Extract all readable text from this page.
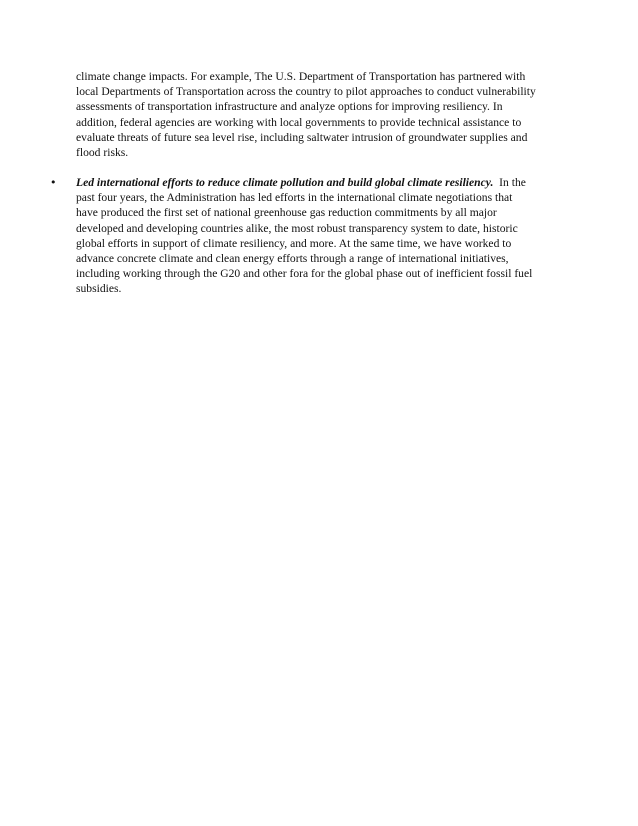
climate change impacts. For example, The U.S. Department of Transportation has partnered with
local Departments of Transportation across the country to pilot approaches to conduct vulnerability
assessments of transportation infrastructure and analyze options for improving resiliency. In
addition, federal agencies are working with local governments to provide technical assistance to
evaluate threats of future sea level rise, including saltwater intrusion of groundwater supplies and
flood risks.
• Led international efforts to reduce climate pollution and build global climate resiliency.  In the
past four years, the Administration has led efforts in the international climate negotiations that
have produced the first set of national greenhouse gas reduction commitments by all major
developed and developing countries alike, the most robust transparency system to date, historic
global efforts in support of climate resiliency, and more. At the same time, we have worked to
advance concrete climate and clean energy efforts through a range of international initiatives,
including working through the G20 and other fora for the global phase out of inefficient fossil fuel
subsidies.
